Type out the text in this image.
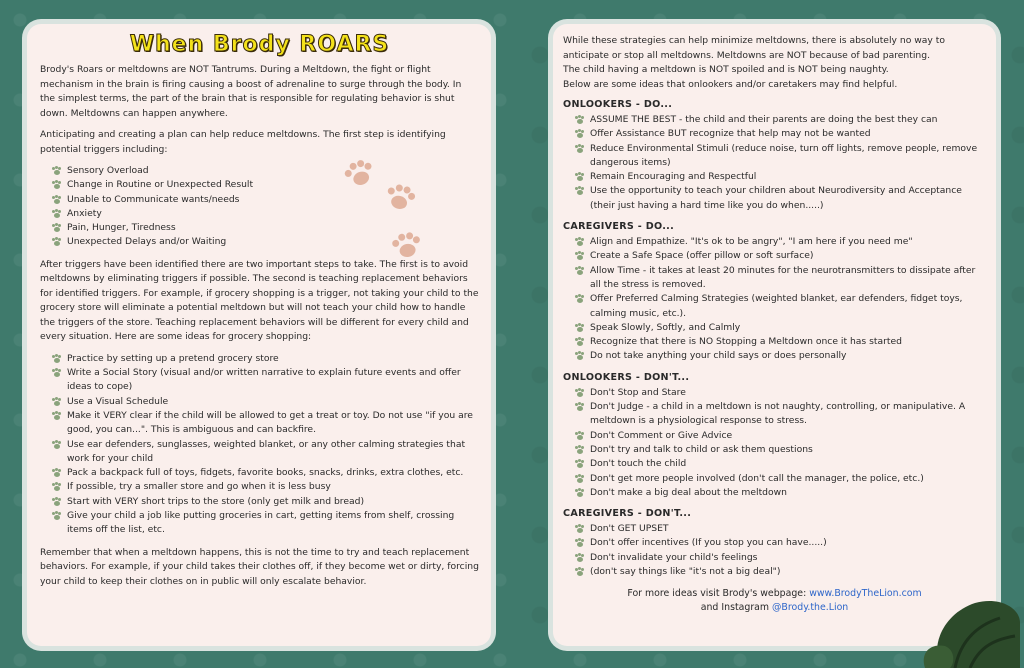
When Brody ROARS

Brody's Roars or meltdowns are NOT Tantrums. During a Meltdown, the fight or flight mechanism in the brain is firing causing a boost of adrenaline to surge through the body. In the simplest terms, the part of the brain that is responsible for regulating behavior is shut down. Meltdowns can happen anywhere.

Anticipating and creating a plan can help reduce meltdowns. The first step is identifying potential triggers including:

Sensory Overload
Change in Routine or Unexpected Result
Unable to Communicate wants/needs
Anxiety
Pain, Hunger, Tiredness
Unexpected Delays and/or Waiting

After triggers have been identified there are two important steps to take. The first is to avoid meltdowns by eliminating triggers if possible. The second is teaching replacement behaviors for identified triggers. For example, if grocery shopping is a trigger, not taking your child to the grocery store will eliminate a potential meltdown but will not teach your child how to handle the triggers of the store. Teaching replacement behaviors will be different for every child and every situation. Here are some ideas for grocery shopping:

Practice by setting up a pretend grocery store
Write a Social Story (visual and/or written narrative to explain future events and offer ideas to cope)
Use a Visual Schedule
Make it VERY clear if the child will be allowed to get a treat or toy. Do not use "if you are good, you can...". This is ambiguous and can backfire.
Use ear defenders, sunglasses, weighted blanket, or any other calming strategies that work for your child
Pack a backpack full of toys, fidgets, favorite books, snacks, drinks, extra clothes, etc.
If possible, try a smaller store and go when it is less busy
Start with VERY short trips to the store (only get milk and bread)
Give your child a job like putting groceries in cart, getting items from shelf, crossing items off the list, etc.

Remember that when a meltdown happens, this is not the time to try and teach replacement behaviors. For example, if your child takes their clothes off, if they become wet or dirty, forcing your child to keep their clothes on in public will only escalate behavior.

While these strategies can help minimize meltdowns, there is absolutely no way to anticipate or stop all meltdowns. Meltdowns are NOT because of bad parenting.

The child having a meltdown is NOT spoiled and is NOT being naughty.

Below are some ideas that onlookers and/or caretakers may find helpful.

ONLOOKERS - DO...
ASSUME THE BEST - the child and their parents are doing the best they can
Offer Assistance BUT recognize that help may not be wanted
Reduce Environmental Stimuli (reduce noise, turn off lights, remove people, remove dangerous items)
Remain Encouraging and Respectful
Use the opportunity to teach your children about Neurodiversity and Acceptance (their just having a hard time like you do when.....)
CAREGIVERS - DO...
Align and Empathize. "It's ok to be angry", "I am here if you need me"
Create a Safe Space (offer pillow or soft surface)
Allow Time - it takes at least 20 minutes for the neurotransmitters to dissipate after all the stress is removed.
Offer Preferred Calming Strategies (weighted blanket, ear defenders, fidget toys, calming music, etc.).
Speak Slowly, Softly, and Calmly
Recognize that there is NO Stopping a Meltdown once it has started
Do not take anything your child says or does personally
ONLOOKERS - DON'T...
Don't Stop and Stare
Don't Judge - a child in a meltdown is not naughty, controlling, or manipulative. A meltdown is a physiological response to stress.
Don't Comment or Give Advice
Don't try and talk to child or ask them questions
Don't touch the child
Don't get more people involved (don't call the manager, the police, etc.)
Don't make a big deal about the meltdown
CAREGIVERS - DON'T...
Don't GET UPSET
Don't offer incentives (If you stop you can have.....)
Don't invalidate your child's feelings
(don't say things like "it's not a big deal")
For more ideas visit Brody's webpage: www.BrodyTheLion.com
and Instagram @Brody.the.Lion
